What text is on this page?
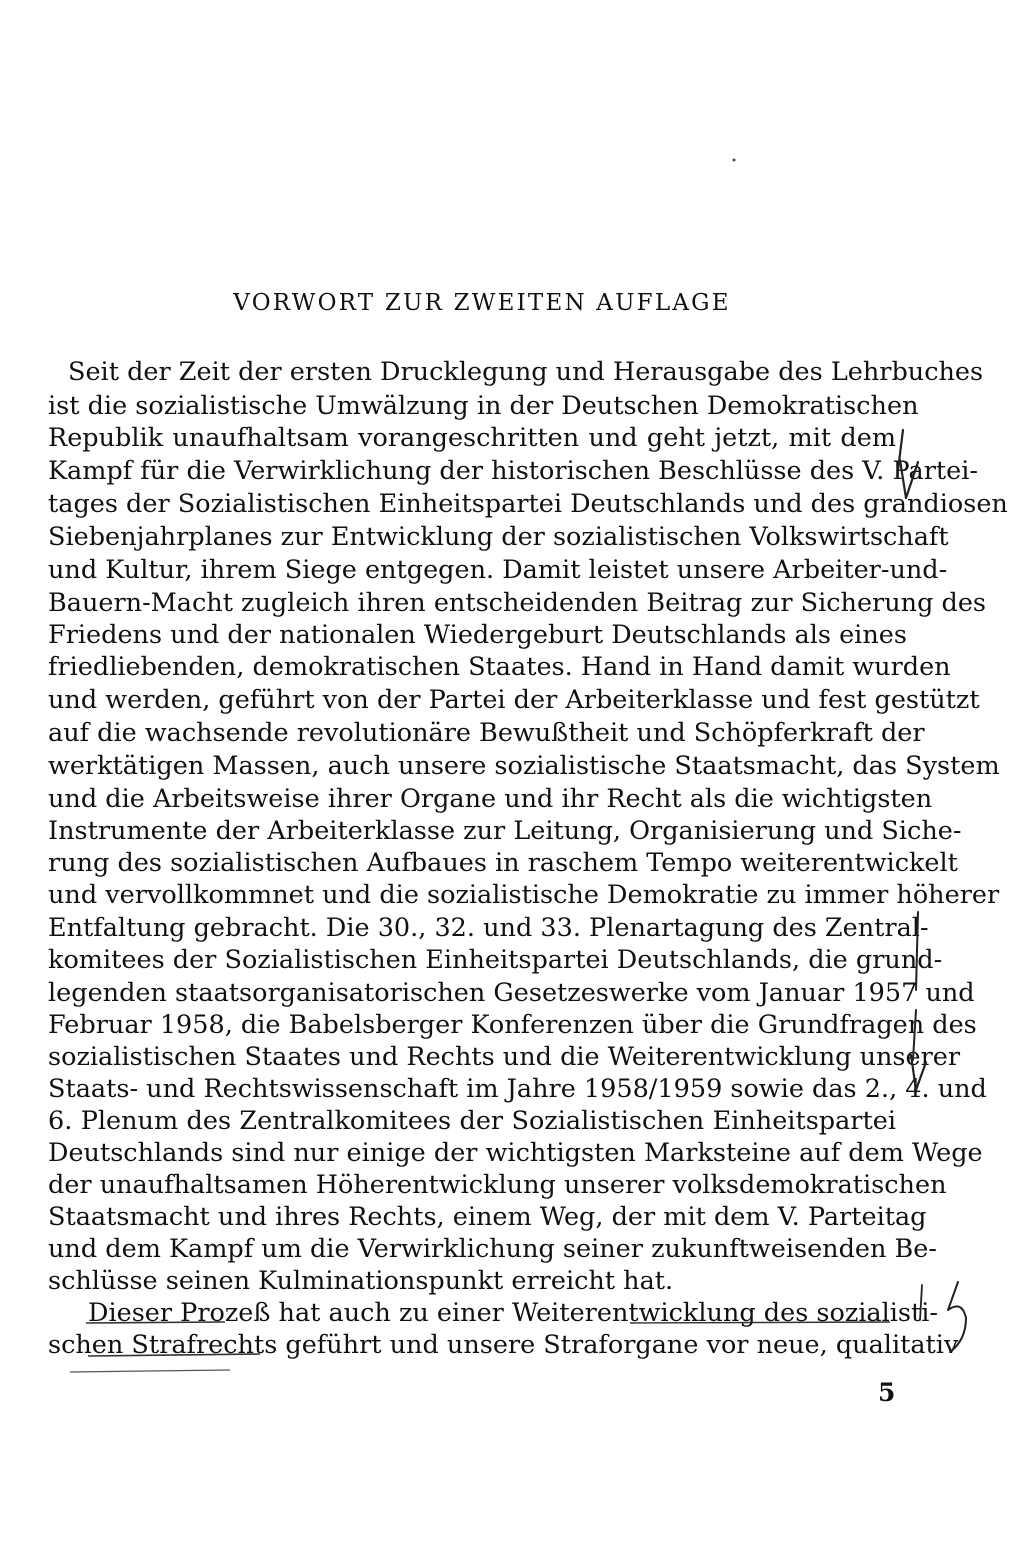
VORWORT ZUR ZWEITEN AUFLAGE
Seit der Zeit der ersten Drucklegung und Herausgabe des Lehrbuches
ist die sozialistische Umwälzung in der Deutschen Demokratischen
Republik unaufhaltsam vorangeschritten und geht jetzt, mit dem
Kampf für die Verwirklichung der historischen Beschlüsse des V. Partei-
tages der Sozialistischen Einheitspartei Deutschlands und des grandiosen
Siebenjahrplanes zur Entwicklung der sozialistischen Volkswirtschaft
und Kultur, ihrem Siege entgegen. Damit leistet unsere Arbeiter-und-
Bauern-Macht zugleich ihren entscheidenden Beitrag zur Sicherung des
Friedens und der nationalen Wiedergeburt Deutschlands als eines
friedliebenden, demokratischen Staates. Hand in Hand damit wurden
und werden, geführt von der Partei der Arbeiterklasse und fest gestützt
auf die wachsende revolutionäre Bewußtheit und Schöpferkraft der
werktätigen Massen, auch unsere sozialistische Staatsmacht, das System
und die Arbeitsweise ihrer Organe und ihr Recht als die wichtigsten
Instrumente der Arbeiterklasse zur Leitung, Organisierung und Siche-
rung des sozialistischen Aufbaues in raschem Tempo weiterentwickelt
und vervollkommnet und die sozialistische Demokratie zu immer höherer
Entfaltung gebracht. Die 30., 32. und 33. Plenartagung des Zentral-
komitees der Sozialistischen Einheitspartei Deutschlands, die grund-
legenden staatsorganisatorischen Gesetzeswerke vom Januar 1957 und
Februar 1958, die Babelsberger Konferenzen über die Grundfragen des
sozialistischen Staates und Rechts und die Weiterentwicklung unserer
Staats- und Rechtswissenschaft im Jahre 1958/1959 sowie das 2., 4. und
6. Plenum des Zentralkomitees der Sozialistischen Einheitspartei
Deutschlands sind nur einige der wichtigsten Marksteine auf dem Wege
der unaufhaltsamen Höherentwicklung unserer volksdemokratischen
Staatsmacht und ihres Rechts, einem Weg, der mit dem V. Parteitag
und dem Kampf um die Verwirklichung seiner zukunftweisenden Be-
schlüsse seinen Kulminationspunkt erreicht hat.
Dieser Prozeß hat auch zu einer Weiterentwicklung des sozialisti-
schen Strafrechts geführt und unsere Straforgane vor neue, qualitativ
5
